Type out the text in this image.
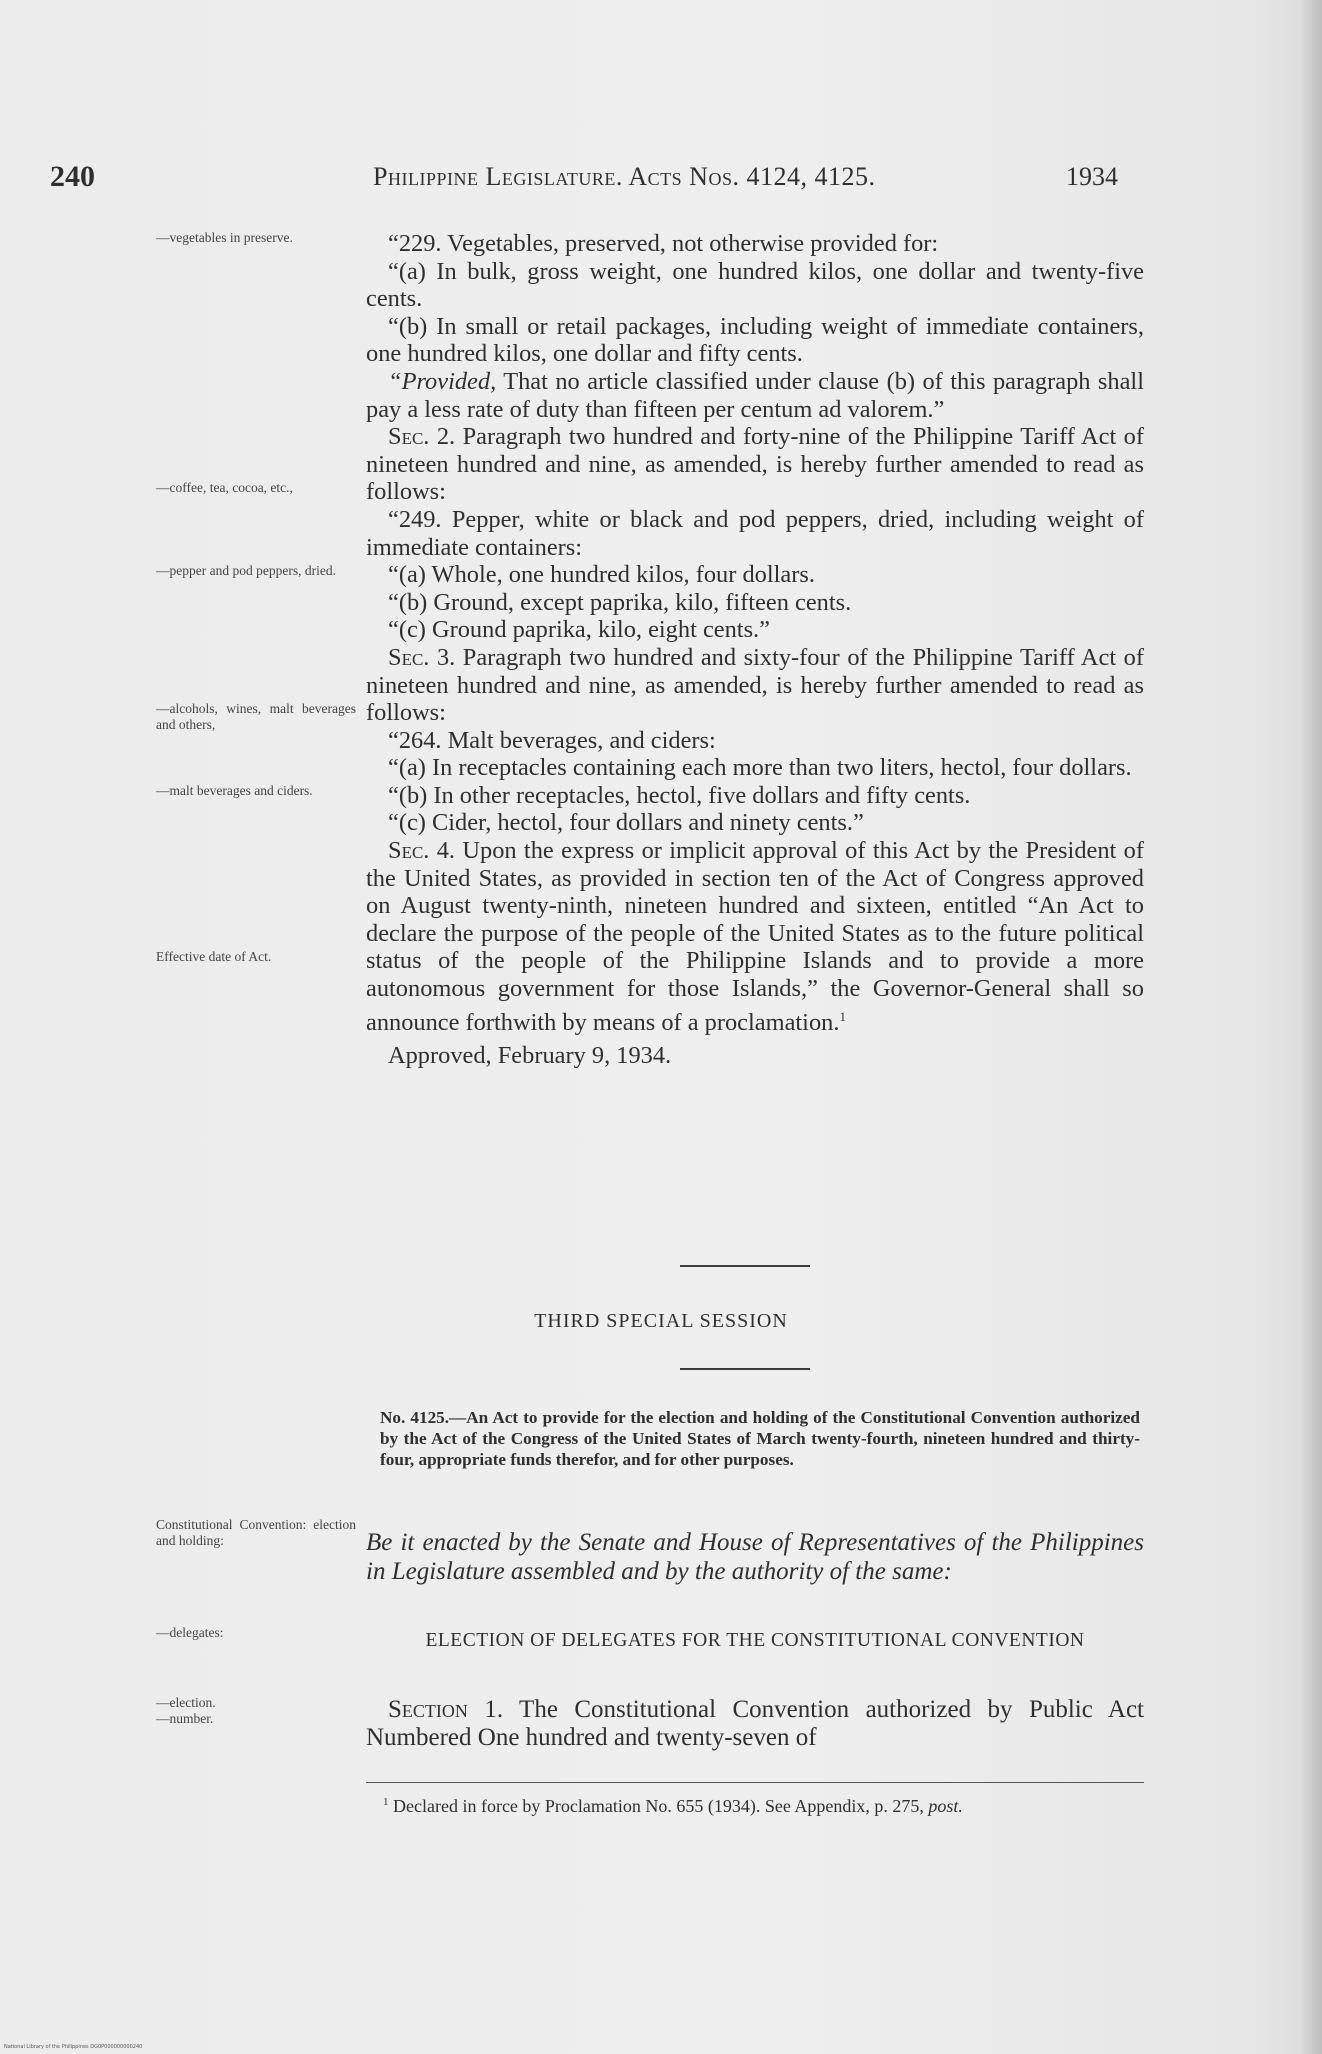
240	Philippine Legislature. Acts Nos. 4124, 4125.	1934
—vegetables in preserve.
—coffee, tea, cocoa, etc.,
—pepper and pod peppers, dried.
—alcohols, wines, malt beverages and others,
—malt beverages and ciders.
Effective date of Act.
Constitutional Convention: election and holding:
—delegates:
—election.
—number.

“229. Vegetables, preserved, not otherwise provided for:

“(a) In bulk, gross weight, one hundred kilos, one dollar and twenty-five cents.

“(b) In small or retail packages, including weight of immediate containers, one hundred kilos, one dollar and fifty cents.

“Provided, That no article classified under clause (b) of this paragraph shall pay a less rate of duty than fifteen per centum ad valorem.”

Sec. 2. Paragraph two hundred and forty-nine of the Philippine Tariff Act of nineteen hundred and nine, as amended, is hereby further amended to read as follows:

“249. Pepper, white or black and pod peppers, dried, including weight of immediate containers:

“(a) Whole, one hundred kilos, four dollars.

“(b) Ground, except paprika, kilo, fifteen cents.

“(c) Ground paprika, kilo, eight cents.”

Sec. 3. Paragraph two hundred and sixty-four of the Philippine Tariff Act of nineteen hundred and nine, as amended, is hereby further amended to read as follows:

“264. Malt beverages, and ciders:

“(a) In receptacles containing each more than two liters, hectol, four dollars.

“(b) In other receptacles, hectol, five dollars and fifty cents.

“(c) Cider, hectol, four dollars and ninety cents.”

Sec. 4. Upon the express or implicit approval of this Act by the President of the United States, as provided in section ten of the Act of Congress approved on August twenty-ninth, nineteen hundred and sixteen, entitled “An Act to declare the purpose of the people of the United States as to the future political status of the people of the Philippine Islands and to provide a more autonomous government for those Islands,” the Governor-General shall so announce forthwith by means of a proclamation.$^1$

Approved, February 9, 1934.

THIRD SPECIAL SESSION
No. 4125.—An Act to provide for the election and holding of the Constitutional Convention authorized by the Act of the Congress of the United States of March twenty-fourth, nineteen hundred and thirty-four, appropriate funds therefor, and for other purposes.
Be it enacted by the Senate and House of Representatives of the Philippines in Legislature assembled and by the authority of the same:
ELECTION OF DELEGATES FOR THE CONSTITUTIONAL CONVENTION
Section 1. The Constitutional Convention authorized by Public Act Numbered One hundred and twenty-seven of
$^1$ Declared in force by Proclamation No. 655 (1934). See Appendix, p. 275, post.
National Library of the Philippines DG0P000000000240
